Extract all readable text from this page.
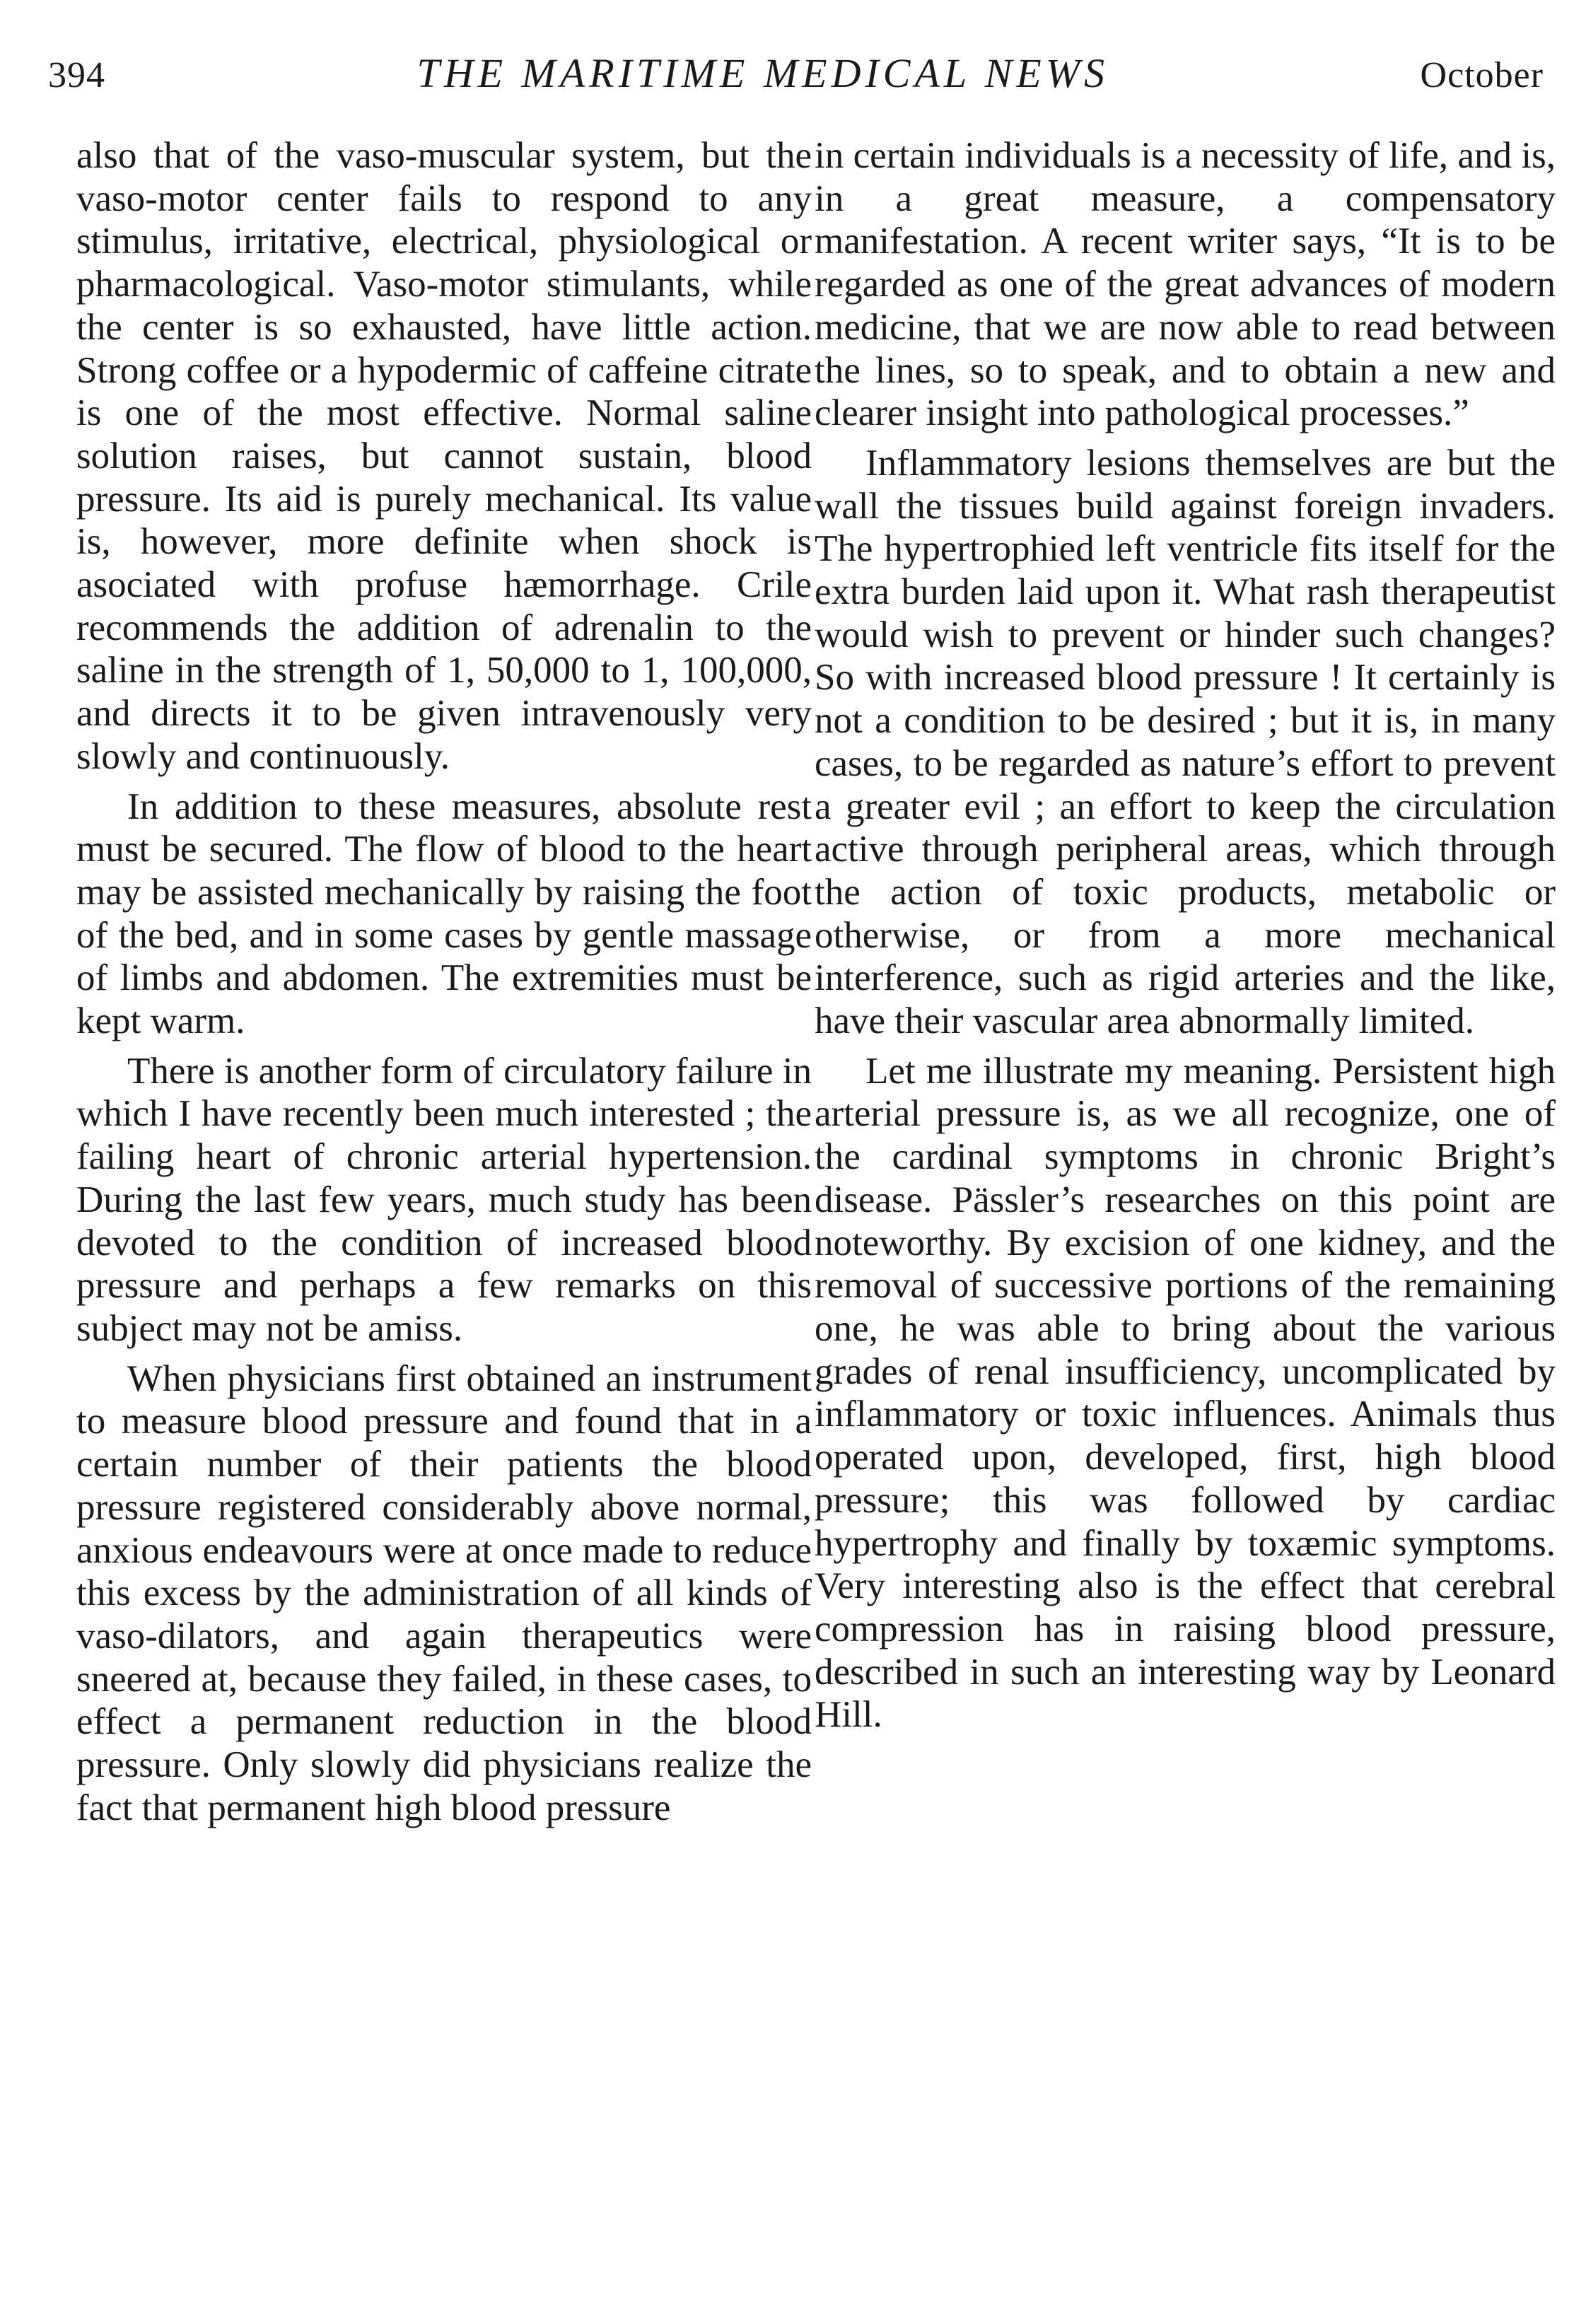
394	THE MARITIME MEDICAL NEWS	October

also that of the vaso-muscular system, but the vaso-motor center fails to respond to any stimulus, irritative, electrical, physiological or pharmacological. Vaso-motor stimulants, while the center is so exhausted, have little action. Strong coffee or a hypodermic of caffeine citrate is one of the most effective. Normal saline solution raises, but cannot sustain, blood pressure. Its aid is purely mechanical. Its value is, however, more definite when shock is asociated with profuse hæmorrhage. Crile recommends the addition of adrenalin to the saline in the strength of 1, 50,000 to 1, 100,000, and directs it to be given intravenously very slowly and continuously.

In addition to these measures, absolute rest must be secured. The flow of blood to the heart may be assisted mechanically by raising the foot of the bed, and in some cases by gentle massage of limbs and abdomen. The extremities must be kept warm.

There is another form of circulatory failure in which I have recently been much interested ; the failing heart of chronic arterial hypertension. During the last few years, much study has been devoted to the condition of increased blood pressure and perhaps a few remarks on this subject may not be amiss.

When physicians first obtained an instrument to measure blood pressure and found that in a certain number of their patients the blood pressure registered considerably above normal, anxious endeavours were at once made to reduce this excess by the administration of all kinds of vaso-dilators, and again therapeutics were sneered at, because they failed, in these cases, to effect a permanent reduction in the blood pressure. Only slowly did physicians realize the fact that permanent high blood pressure

in certain individuals is a necessity of life, and is, in a great measure, a compensatory manifestation. A recent writer says, “It is to be regarded as one of the great advances of modern medicine, that we are now able to read between the lines, so to speak, and to obtain a new and clearer insight into pathological processes.”

Inflammatory lesions themselves are but the wall the tissues build against foreign invaders. The hypertrophied left ventricle fits itself for the extra burden laid upon it. What rash therapeutist would wish to prevent or hinder such changes? So with increased blood pressure ! It certainly is not a condition to be desired ; but it is, in many cases, to be regarded as nature’s effort to prevent a greater evil ; an effort to keep the circulation active through peripheral areas, which through the action of toxic products, metabolic or otherwise, or from a more mechanical interference, such as rigid arteries and the like, have their vascular area abnormally limited.

Let me illustrate my meaning. Persistent high arterial pressure is, as we all recognize, one of the cardinal symptoms in chronic Bright’s disease. Pässler’s researches on this point are noteworthy. By excision of one kidney, and the removal of successive portions of the remaining one, he was able to bring about the various grades of renal insufficiency, uncomplicated by inflammatory or toxic influences. Animals thus operated upon, developed, first, high blood pressure; this was followed by cardiac hypertrophy and finally by toxæmic symptoms. Very interesting also is the effect that cerebral compression has in raising blood pressure, described in such an interesting way by Leonard Hill.
